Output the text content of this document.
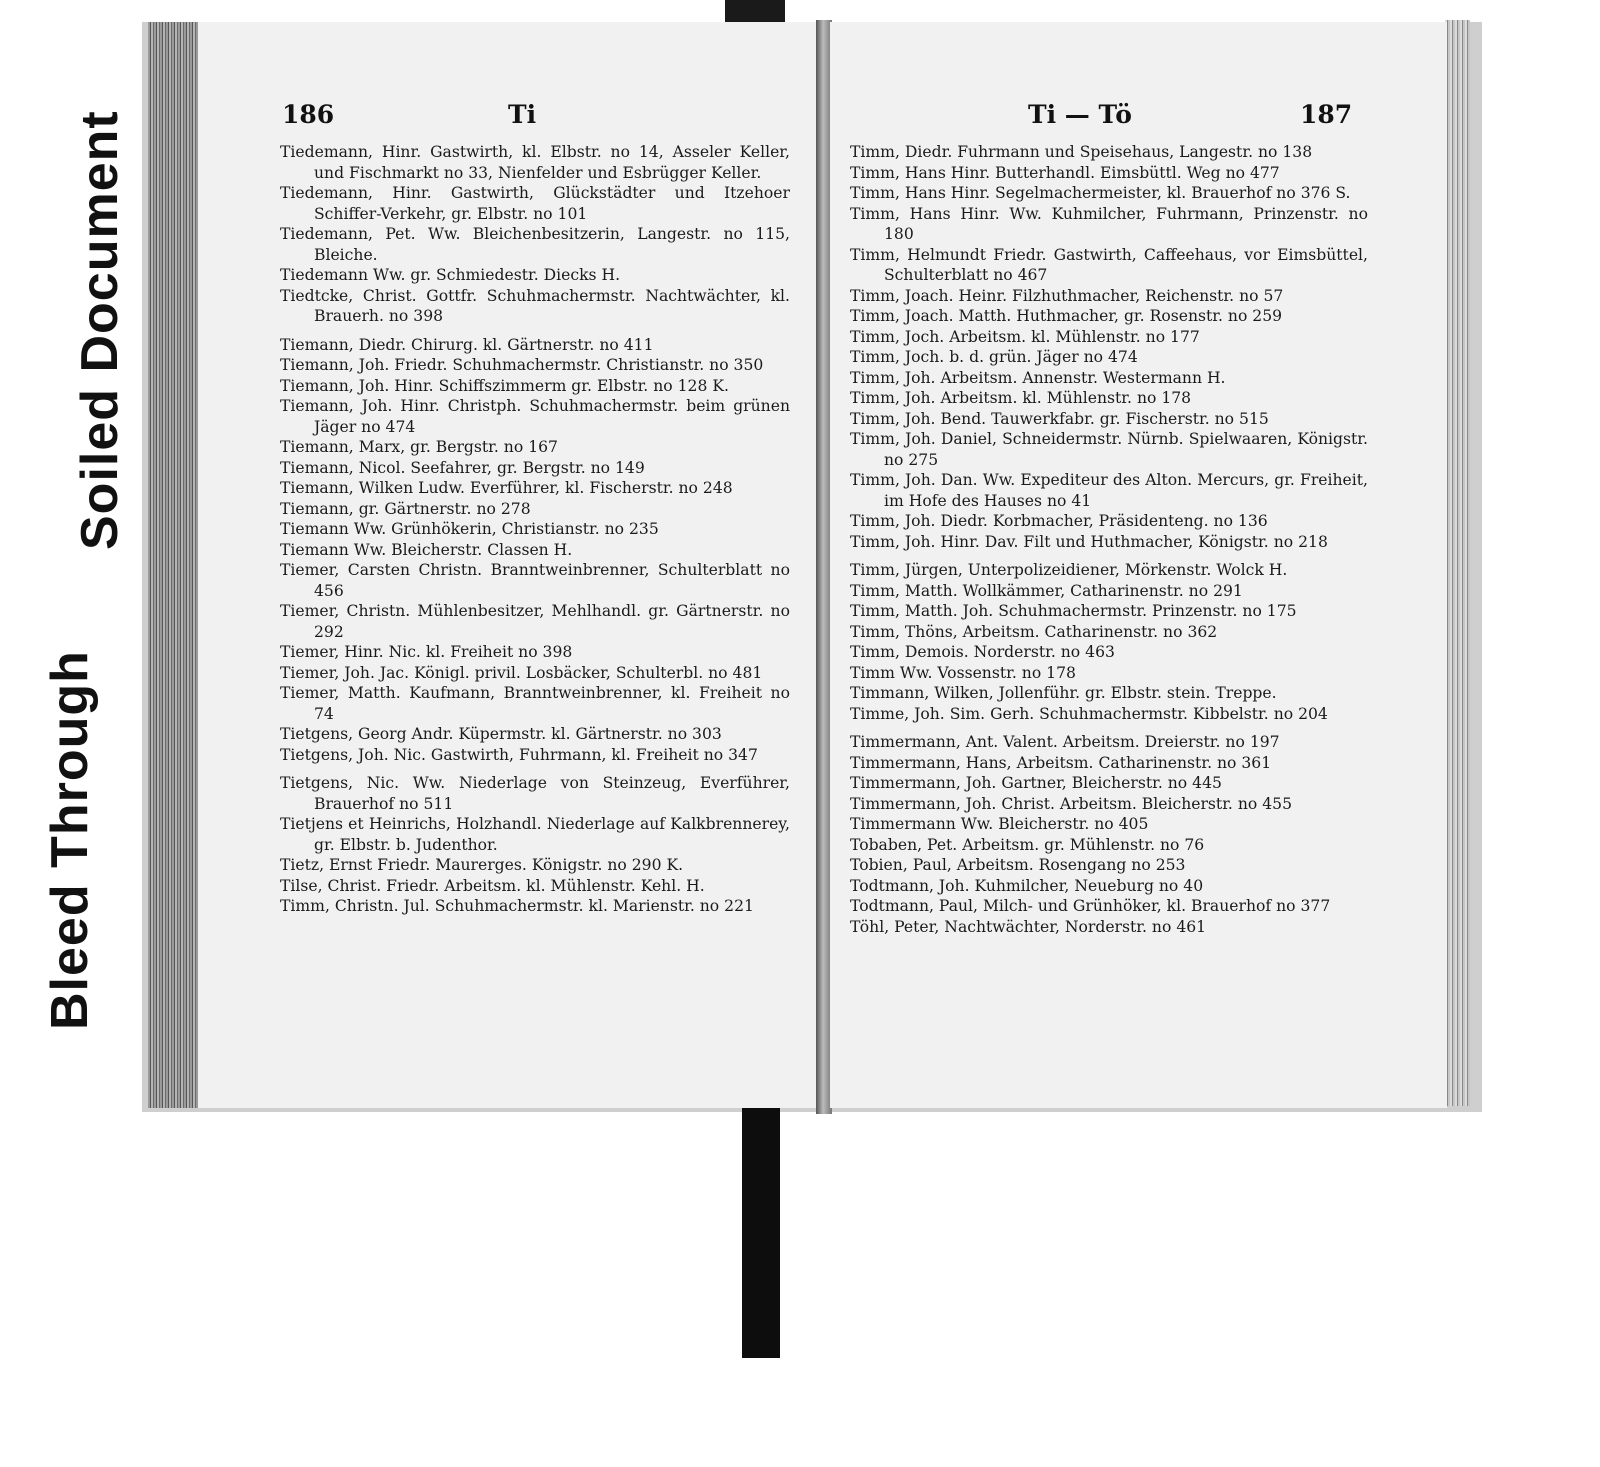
Soiled Document
Bleed Through
186	Ti
Tiedemann, Hinr. Gastwirth, kl. Elbstr. no 14, Asseler Keller, und Fischmarkt no 33, Nienfelder und Esbrügger Keller.
Tiedemann, Hinr. Gastwirth, Glückstädter und Itzehoer Schiffer-Verkehr, gr. Elbstr. no 101
Tiedemann, Pet. Ww. Bleichenbesitzerin, Langestr. no 115, Bleiche.
Tiedemann Ww. gr. Schmiedestr. Diecks H.
Tiedtcke, Christ. Gottfr. Schuhmachermstr. Nachtwächter, kl. Brauerh. no 398
Tiemann, Diedr. Chirurg. kl. Gärtnerstr. no 411
Tiemann, Joh. Friedr. Schuhmachermstr. Christianstr. no 350
Tiemann, Joh. Hinr. Schiffszimmerm gr. Elbstr. no 128 K.
Tiemann, Joh. Hinr. Christph. Schuhmachermstr. beim grünen Jäger no 474
Tiemann, Marx, gr. Bergstr. no 167
Tiemann, Nicol. Seefahrer, gr. Bergstr. no 149
Tiemann, Wilken Ludw. Everführer, kl. Fischerstr. no 248
Tiemann, gr. Gärtnerstr. no 278
Tiemann Ww. Grünhökerin, Christianstr. no 235
Tiemann Ww. Bleicherstr. Classen H.
Tiemer, Carsten Christn. Branntweinbrenner, Schulterblatt no 456
Tiemer, Christn. Mühlenbesitzer, Mehlhandl. gr. Gärtnerstr. no 292
Tiemer, Hinr. Nic. kl. Freiheit no 398
Tiemer, Joh. Jac. Königl. privil. Losbäcker, Schulterbl. no 481
Tiemer, Matth. Kaufmann, Branntweinbrenner, kl. Freiheit no 74
Tietgens, Georg Andr. Küpermstr. kl. Gärtnerstr. no 303
Tietgens, Joh. Nic. Gastwirth, Fuhrmann, kl. Freiheit no 347
Tietgens, Nic. Ww. Niederlage von Steinzeug, Everführer, Brauerhof no 511
Tietjens et Heinrichs, Holzhandl. Niederlage auf Kalkbrennerey, gr. Elbstr. b. Judenthor.
Tietz, Ernst Friedr. Maurerges. Königstr. no 290 K.
Tilse, Christ. Friedr. Arbeitsm. kl. Mühlenstr. Kehl. H.
Timm, Christn. Jul. Schuhmachermstr. kl. Marienstr. no 221
Ti — Tö	187
Timm, Diedr. Fuhrmann und Speisehaus, Langestr. no 138
Timm, Hans Hinr. Butterhandl. Eimsbüttl. Weg no 477
Timm, Hans Hinr. Segelmachermeister, kl. Brauerhof no 376 S.
Timm, Hans Hinr. Ww. Kuhmilcher, Fuhrmann, Prinzenstr. no 180
Timm, Helmundt Friedr. Gastwirth, Caffeehaus, vor Eimsbüttel, Schulterblatt no 467
Timm, Joach. Heinr. Filzhuthmacher, Reichenstr. no 57
Timm, Joach. Matth. Huthmacher, gr. Rosenstr. no 259
Timm, Joch. Arbeitsm. kl. Mühlenstr. no 177
Timm, Joch. b. d. grün. Jäger no 474
Timm, Joh. Arbeitsm. Annenstr. Westermann H.
Timm, Joh. Arbeitsm. kl. Mühlenstr. no 178
Timm, Joh. Bend. Tauwerkfabr. gr. Fischerstr. no 515
Timm, Joh. Daniel, Schneidermstr. Nürnb. Spielwaaren, Königstr. no 275
Timm, Joh. Dan. Ww. Expediteur des Alton. Mercurs, gr. Freiheit, im Hofe des Hauses no 41
Timm, Joh. Diedr. Korbmacher, Präsidenteng. no 136
Timm, Joh. Hinr. Dav. Filt und Huthmacher, Königstr. no 218
Timm, Jürgen, Unterpolizeidiener, Mörkenstr. Wolck H.
Timm, Matth. Wollkämmer, Catharinenstr. no 291
Timm, Matth. Joh. Schuhmachermstr. Prinzenstr. no 175
Timm, Thöns, Arbeitsm. Catharinenstr. no 362
Timm, Demois. Norderstr. no 463
Timm Ww. Vossenstr. no 178
Timmann, Wilken, Jollenführ. gr. Elbstr. stein. Treppe.
Timme, Joh. Sim. Gerh. Schuhmachermstr. Kibbelstr. no 204
Timmermann, Ant. Valent. Arbeitsm. Dreierstr. no 197
Timmermann, Hans, Arbeitsm. Catharinenstr. no 361
Timmermann, Joh. Gartner, Bleicherstr. no 445
Timmermann, Joh. Christ. Arbeitsm. Bleicherstr. no 455
Timmermann Ww. Bleicherstr. no 405
Tobaben, Pet. Arbeitsm. gr. Mühlenstr. no 76
Tobien, Paul, Arbeitsm. Rosengang no 253
Todtmann, Joh. Kuhmilcher, Neueburg no 40
Todtmann, Paul, Milch- und Grünhöker, kl. Brauerhof no 377
Töhl, Peter, Nachtwächter, Norderstr. no 461
